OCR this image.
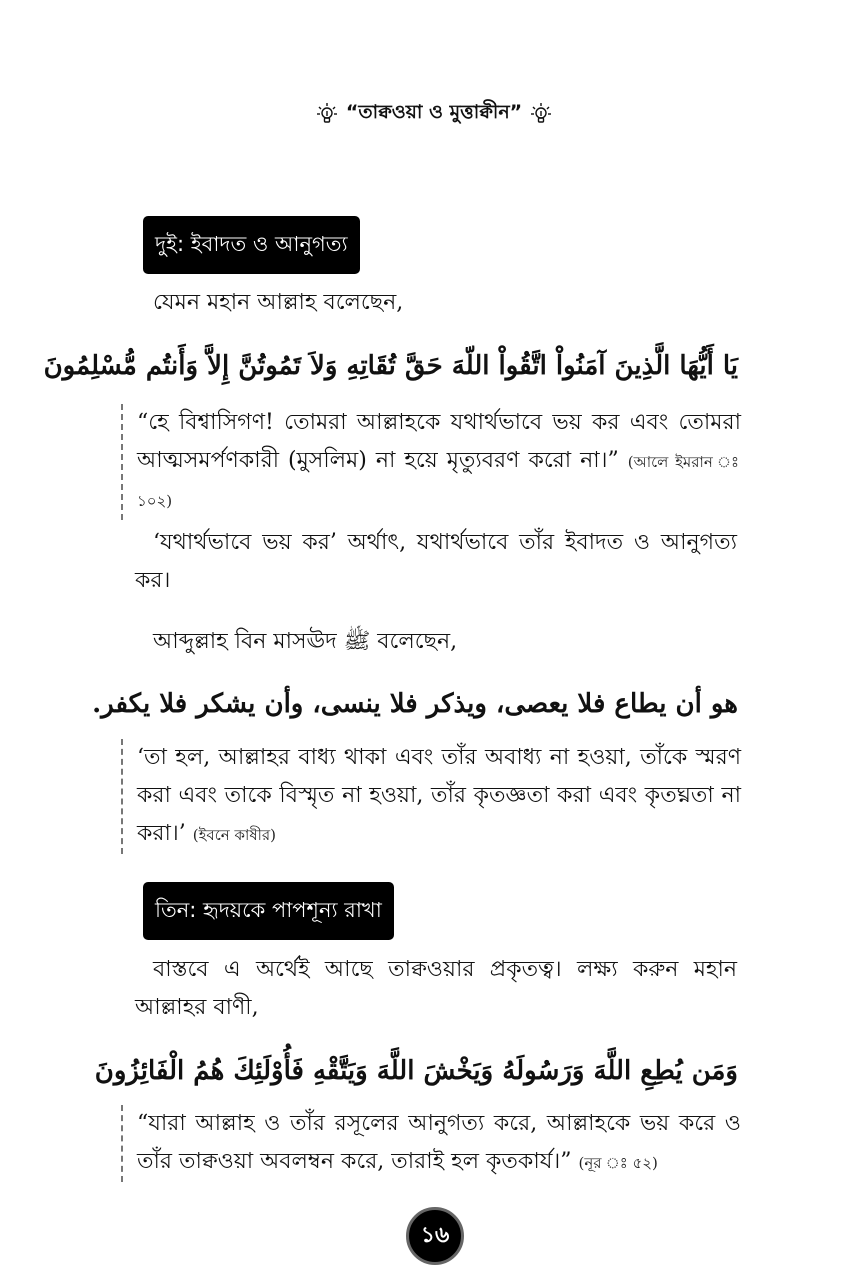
“তাক্বওয়া ও মুত্তাক্বীন”
দুই: ইবাদত ও আনুগত্য

যেমন মহান আল্লাহ বলেছেন,

يَا أَيُّهَا الَّذِينَ آمَنُواْ اتَّقُواْ اللّهَ حَقَّ تُقَاتِهِ وَلاَ تَمُوتُنَّ إِلاَّ وَأَنتُم مُّسْلِمُونَ

“হে বিশ্বাসিগণ! তোমরা আল্লাহকে যথার্থভাবে ভয় কর এবং তোমরা আত্মসমর্পণকারী (মুসলিম) না হয়ে মৃত্যুবরণ করো না।” (আলে ইমরান ঃ ১০২)

‘যথার্থভাবে ভয় কর’ অর্থাৎ, যথার্থভাবে তাঁর ইবাদত ও আনুগত্য কর।

আব্দুল্লাহ বিন মাসঊদ ﷺ বলেছেন,

هو أن يطاع فلا يعصى، ويذكر فلا ينسى، وأن يشكر فلا يكفر.

‘তা হল, আল্লাহর বাধ্য থাকা এবং তাঁর অবাধ্য না হওয়া, তাঁকে স্মরণ করা এবং তাকে বিস্মৃত না হওয়া, তাঁর কৃতজ্ঞতা করা এবং কৃতঘ্নতা না করা।’ (ইবনে কাষীর)
তিন: হৃদয়কে পাপশূন্য রাখা

বাস্তবে এ অর্থেই আছে তাক্বওয়ার প্রকৃতত্ব। লক্ষ্য করুন মহান আল্লাহর বাণী,

وَمَن يُطِعِ اللَّهَ وَرَسُولَهُ وَيَخْشَ اللَّهَ وَيَتَّقْهِ فَأُوْلَئِكَ هُمُ الْفَائِزُونَ

“যারা আল্লাহ ও তাঁর রসূলের আনুগত্য করে, আল্লাহকে ভয় করে ও তাঁর তাক্বওয়া অবলম্বন করে, তারাই হল কৃতকার্য।” (নূর ঃ ৫২)
১৬
